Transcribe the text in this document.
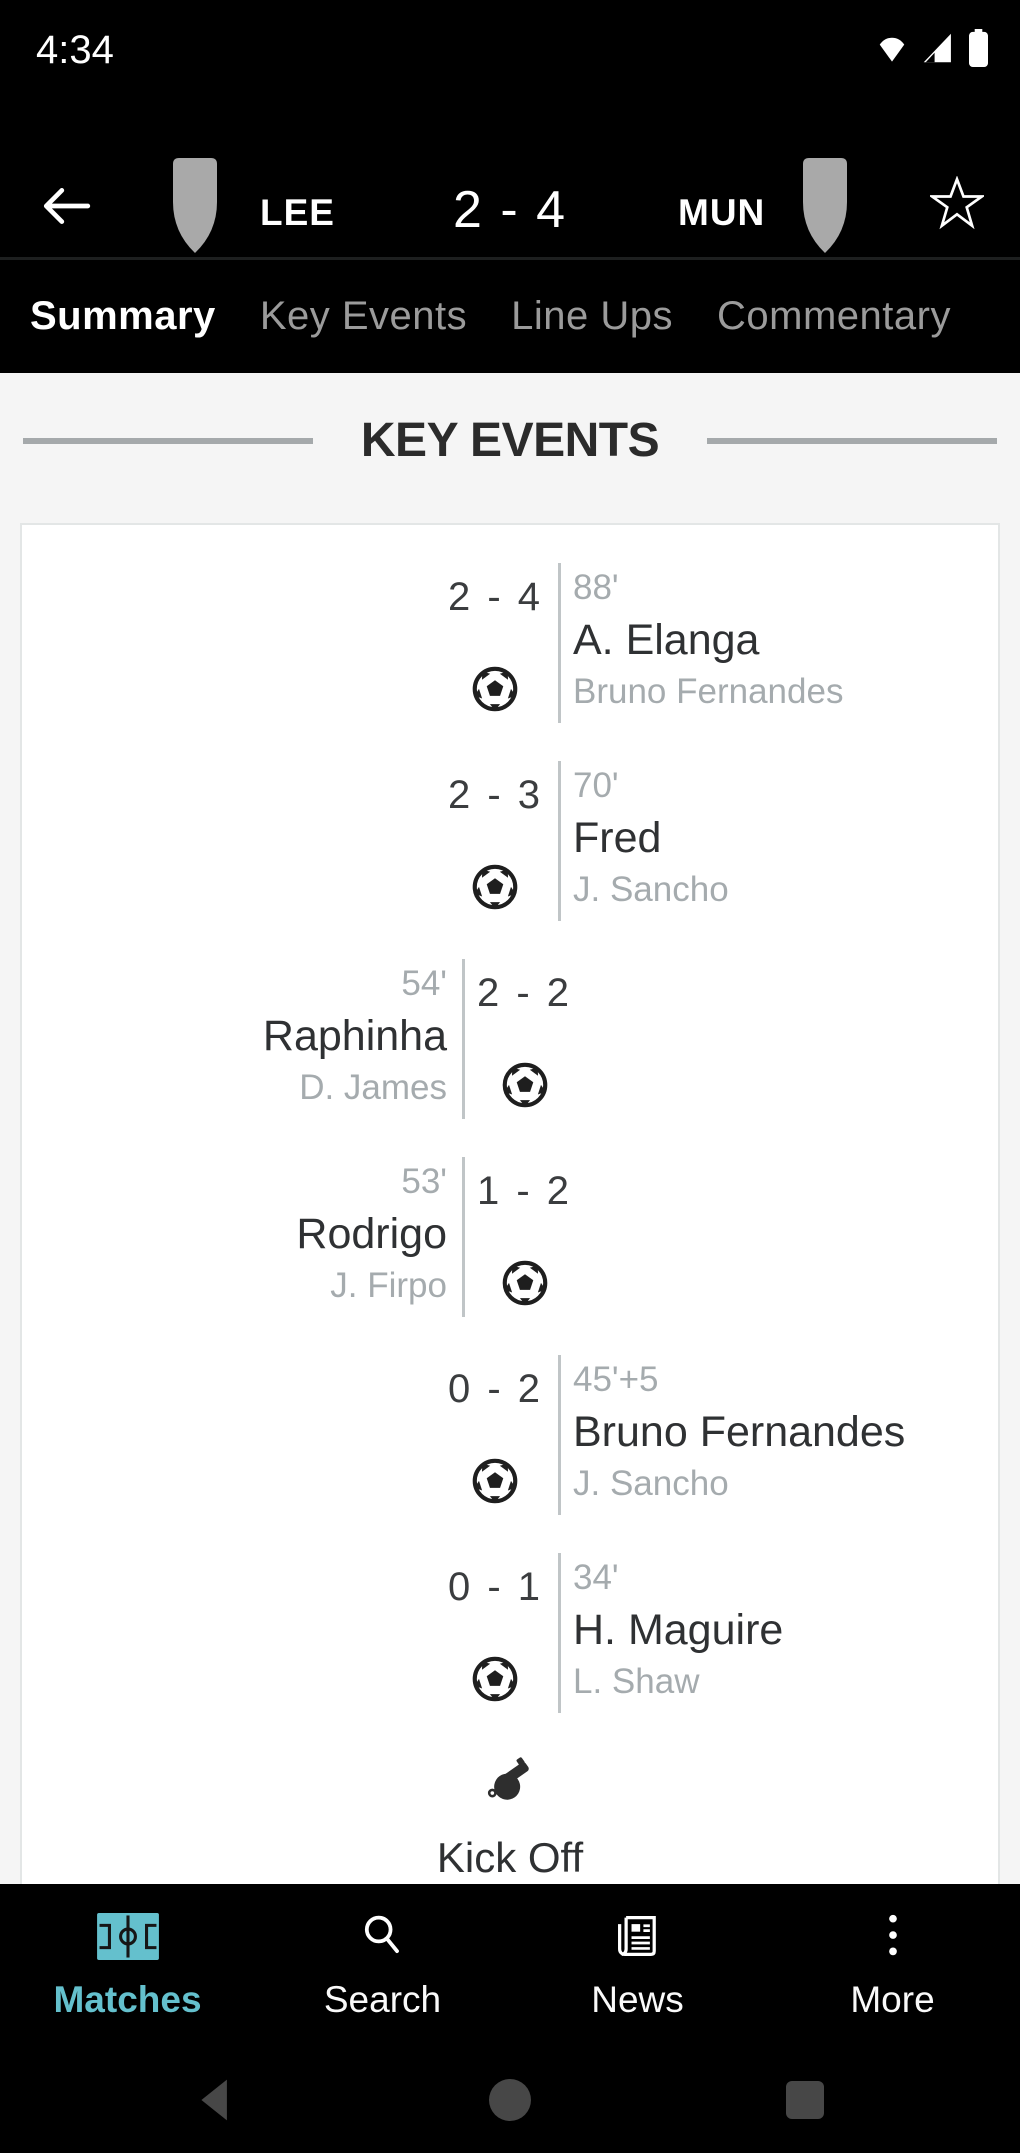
4:34
LEE	2 - 4	MUN
Summary Key Events Line Ups Commentary
KEY EVENTS
2 - 4 88'
A. Elanga
Bruno Fernandes
2 - 3 70'
Fred
J. Sancho
2 - 2
54'
Raphinha
D. James
1 - 2
53'
Rodrigo
J. Firpo
0 - 2 45'+5
Bruno Fernandes
J. Sancho
0 - 1 34'
H. Maguire
L. Shaw
Kick Off
Matches	Search	News	More
